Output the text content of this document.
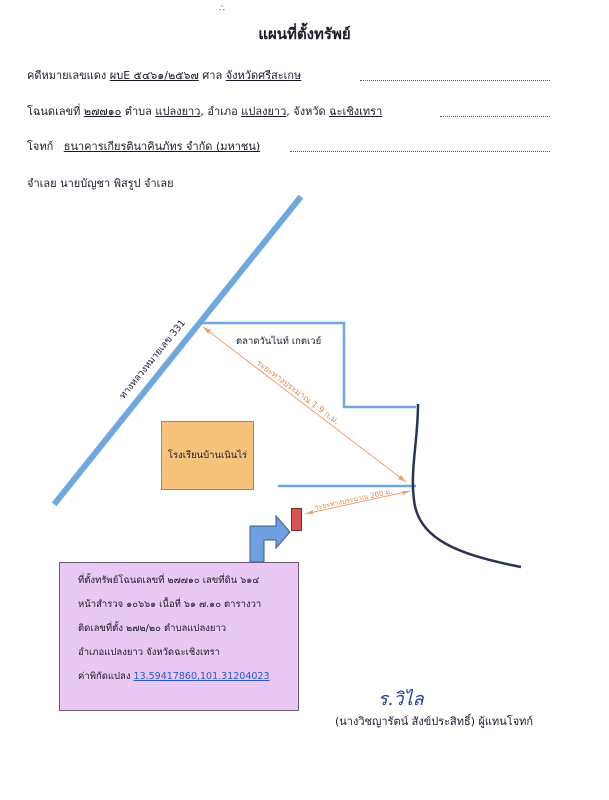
∴
แผนที่ตั้งทรัพย์
คดีหมายเลขแดง ผบE ๕๔๖๑/๒๕๖๗ ศาล จังหวัดศรีสะเกษ
โฉนดเลขที่ ๒๗๗๑๐ ตำบล แปลงยาว, อำเภอ แปลงยาว, จังหวัด ฉะเชิงเทรา
โจทก์ ธนาคารเกียรตินาคินภัทร จำกัด (มหาชน)
จำเลย นายบัญชา พิสรูป จำเลย
ทางหลวงหมายเลข 331	ตลาดวันไนท์ เกตเวย์
ระยะทางประมาณ 1.9 ก.ม.
ระยะทางประมาณ 200 ม.
โรงเรียนบ้านเนินไร่
ที่ตั้งทรัพย์โฉนดเลขที่ ๒๗๗๑๐ เลขที่ดิน ๖๑๔
หน้าสำรวจ ๑๐๖๖๑ เนื้อที่ ๖๑ ๗.๑๐ ตารางวา
ติดเลขที่ตั้ง ๒๗๒/๒๐ ตำบลแปลงยาว
อำเภอแปลงยาว จังหวัดฉะเชิงเทรา
ค่าพิกัดแปลง 13.59417860,101.31204023
ร.วิไล
(นางวิชญารัตน์ สังข์ประสิทธิ์) ผู้แทนโจทก์
